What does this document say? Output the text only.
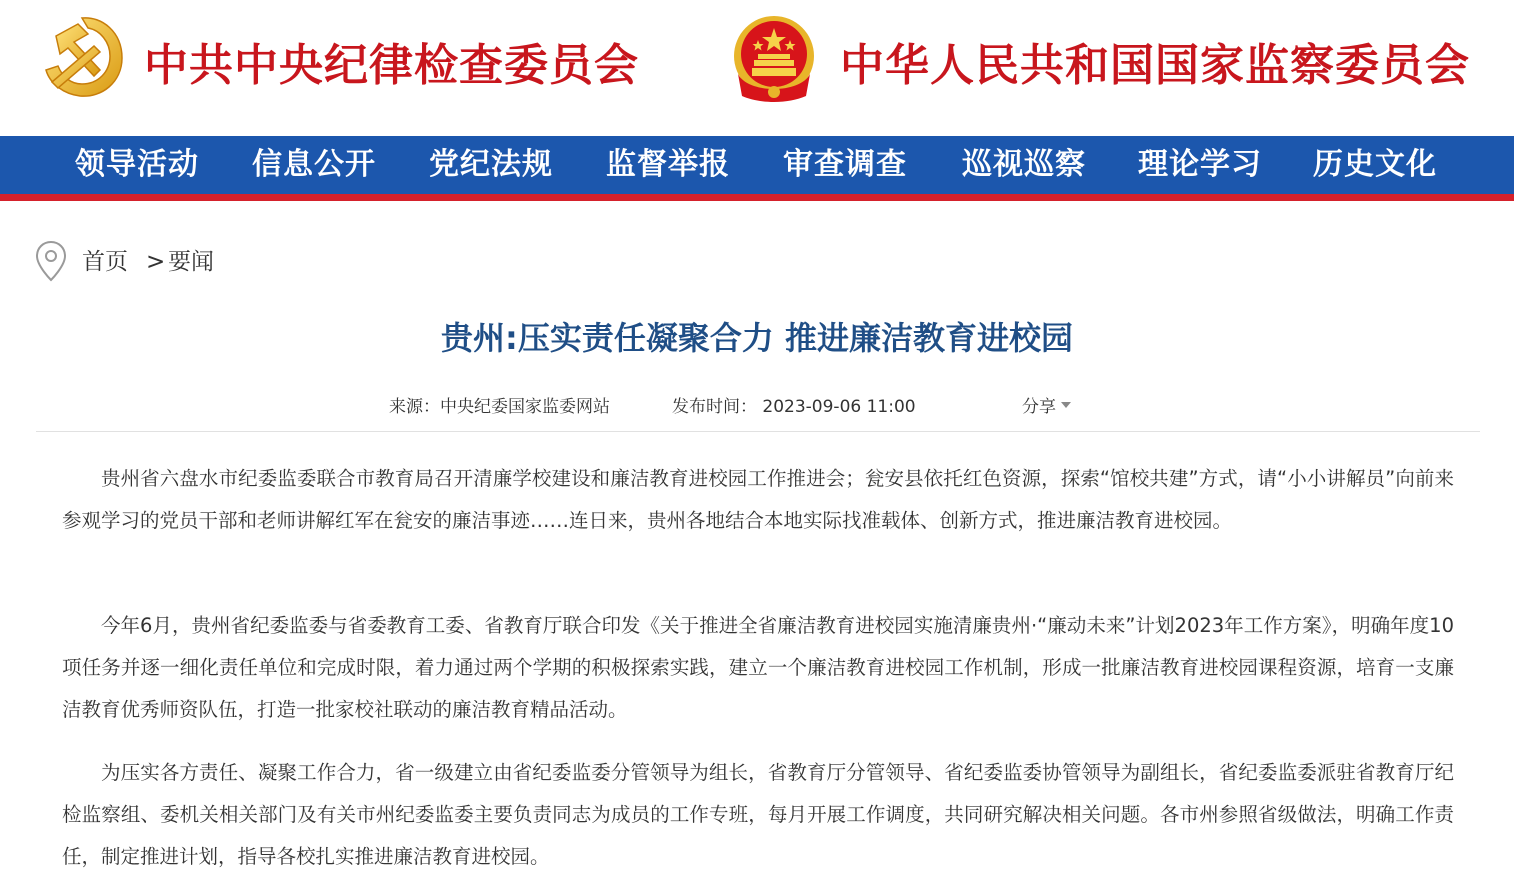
中共中央纪律检查委员会	中华人民共和国国家监察委员会
领导活动 信息公开 党纪法规 监督举报 审查调查 巡视巡察 理论学习 历史文化
首页 > 要闻
贵州:压实责任凝聚合力 推进廉洁教育进校园
来源：中央纪委国家监委网站	发布时间： 2023-09-06 11:00	分享

贵州省六盘水市纪委监委联合市教育局召开清廉学校建设和廉洁教育进校园工作推进会；瓮安县依托红色资源，探索“馆校共建”方式，请“小小讲解员”向前来参观学习的党员干部和老师讲解红军在瓮安的廉洁事迹……连日来，贵州各地结合本地实际找准载体、创新方式，推进廉洁教育进校园。

今年6月，贵州省纪委监委与省委教育工委、省教育厅联合印发《关于推进全省廉洁教育进校园实施清廉贵州·“廉动未来”计划2023年工作方案》，明确年度10项任务并逐一细化责任单位和完成时限，着力通过两个学期的积极探索实践，建立一个廉洁教育进校园工作机制，形成一批廉洁教育进校园课程资源，培育一支廉洁教育优秀师资队伍，打造一批家校社联动的廉洁教育精品活动。

为压实各方责任、凝聚工作合力，省一级建立由省纪委监委分管领导为组长，省教育厅分管领导、省纪委监委协管领导为副组长，省纪委监委派驻省教育厅纪检监察组、委机关相关部门及有关市州纪委监委主要负责同志为成员的工作专班，每月开展工作调度，共同研究解决相关问题。各市州参照省级做法，明确工作责任，制定推进计划，指导各校扎实推进廉洁教育进校园。
